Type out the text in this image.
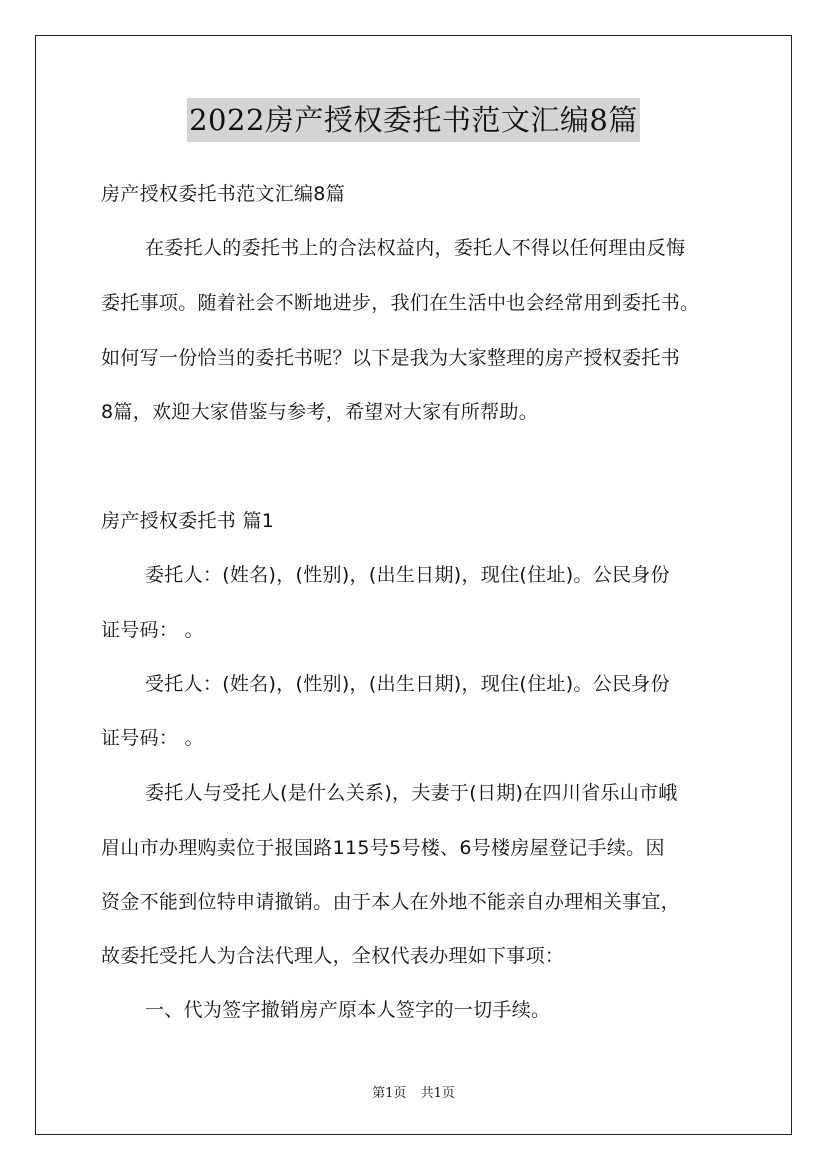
2022房产授权委托书范文汇编8篇
房产授权委托书范文汇编8篇
在委托人的委托书上的合法权益内，委托人不得以任何理由反悔
委托事项。随着社会不断地进步，我们在生活中也会经常用到委托书。
如何写一份恰当的委托书呢？以下是我为大家整理的房产授权委托书
8篇，欢迎大家借鉴与参考，希望对大家有所帮助。
房产授权委托书 篇1
委托人：(姓名)，(性别)，(出生日期)，现住(住址)。公民身份
证号码： 。
受托人：(姓名)，(性别)，(出生日期)，现住(住址)。公民身份
证号码： 。
委托人与受托人(是什么关系)，夫妻于(日期)在四川省乐山市峨
眉山市办理购卖位于报国路115号5号楼、6号楼房屋登记手续。因
资金不能到位特申请撤销。由于本人在外地不能亲自办理相关事宜，
故委托受托人为合法代理人，全权代表办理如下事项：
一、代为签字撤销房产原本人签字的一切手续。
第1页 共1页
